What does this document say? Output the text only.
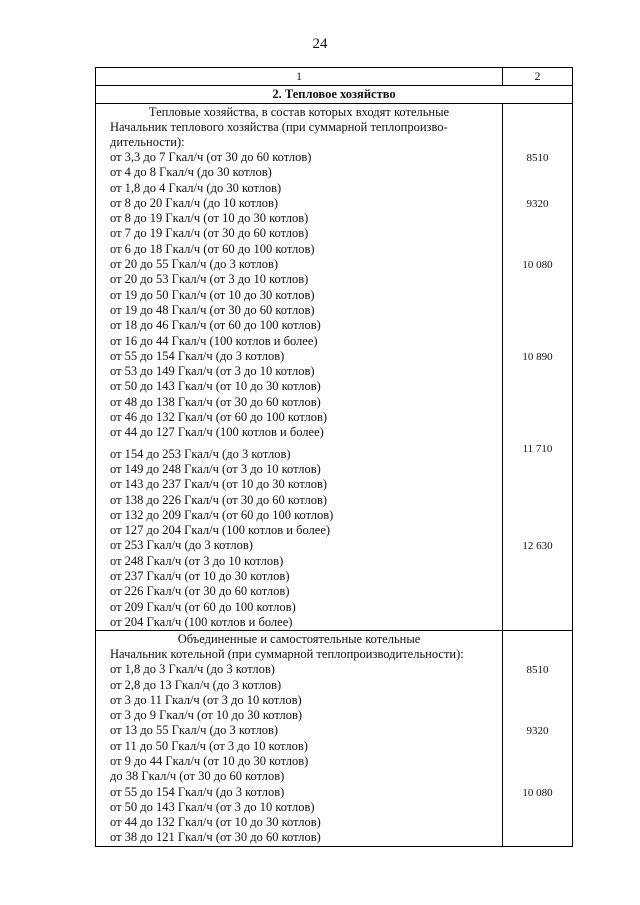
24
1	2
2. Тепловое хозяйство
Тепловые хозяйства, в состав которых входят котельные
Начальник теплового хозяйства (при суммарной теплопроизво-
дительности):
от 3,3 до 7 Гкал/ч (от 30 до 60 котлов)
от 4 до 8 Гкал/ч (до 30 котлов)
от 1,8 до 4 Гкал/ч (до 30 котлов)
8510
от 8 до 20 Гкал/ч (до 10 котлов)
от 8 до 19 Гкал/ч (от 10 до 30 котлов)
от 7 до 19 Гкал/ч (от 30 до 60 котлов)
от 6 до 18 Гкал/ч (от 60 до 100 котлов)
9320
от 20 до 55 Гкал/ч (до 3 котлов)
от 20 до 53 Гкал/ч (от 3 до 10 котлов)
от 19 до 50 Гкал/ч (от 10 до 30 котлов)
от 19 до 48 Гкал/ч (от 30 до 60 котлов)
от 18 до 46 Гкал/ч (от 60 до 100 котлов)
от 16 до 44 Гкал/ч (100 котлов и более)
10 080
от 55 до 154 Гкал/ч (до 3 котлов)
от 53 до 149 Гкал/ч (от 3 до 10 котлов)
от 50 до 143 Гкал/ч (от 10 до 30 котлов)
от 48 до 138 Гкал/ч (от 30 до 60 котлов)
от 46 до 132 Гкал/ч (от 60 до 100 котлов)
от 44 до 127 Гкал/ч (100 котлов и более)
10 890
от 154 до 253 Гкал/ч (до 3 котлов)
от 149 до 248 Гкал/ч (от 3 до 10 котлов)
от 143 до 237 Гкал/ч (от 10 до 30 котлов)
от 138 до 226 Гкал/ч (от 30 до 60 котлов)
от 132 до 209 Гкал/ч (от 60 до 100 котлов)
от 127 до 204 Гкал/ч (100 котлов и более)
11 710
от 253 Гкал/ч (до 3 котлов)
от 248 Гкал/ч (от 3 до 10 котлов)
от 237 Гкал/ч (от 10 до 30 котлов)
от 226 Гкал/ч (от 30 до 60 котлов)
от 209 Гкал/ч (от 60 до 100 котлов)
от 204 Гкал/ч (100 котлов и более)
12 630
Объединенные и самостоятельные котельные
Начальник котельной (при суммарной теплопроизводительности):
от 1,8 до 3 Гкал/ч (до 3 котлов)
от 2,8 до 13 Гкал/ч (до 3 котлов)
от 3 до 11 Гкал/ч (от 3 до 10 котлов)
от 3 до 9 Гкал/ч (от 10 до 30 котлов)
8510
от 13 до 55 Гкал/ч (до 3 котлов)
от 11 до 50 Гкал/ч (от 3 до 10 котлов)
от 9 до 44 Гкал/ч (от 10 до 30 котлов)
до 38 Гкал/ч (от 30 до 60 котлов)
9320
от 55 до 154 Гкал/ч (до 3 котлов)
от 50 до 143 Гкал/ч (от 3 до 10 котлов)
от 44 до 132 Гкал/ч (от 10 до 30 котлов)
от 38 до 121 Гкал/ч (от 30 до 60 котлов)
10 080
